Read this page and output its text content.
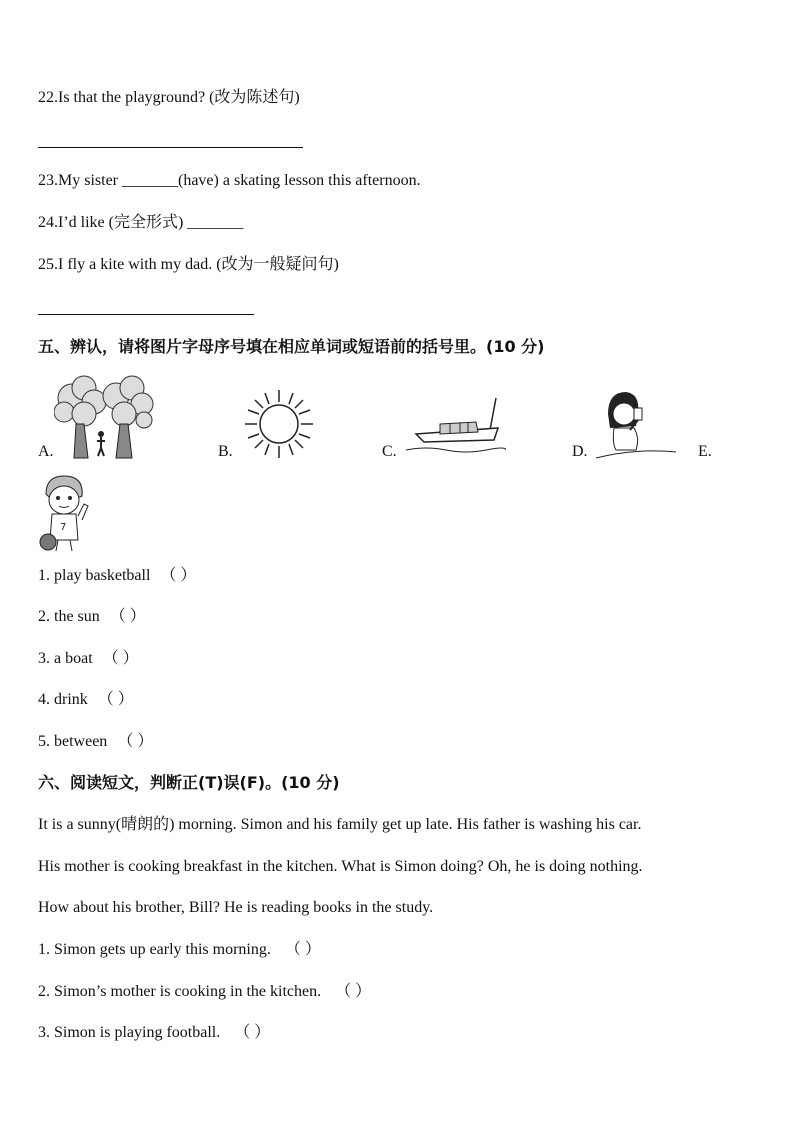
22.Is that the playground? (改为陈述句)
23.My sister _______(have) a skating lesson this afternoon.
24.I’d like (完全形式) _______
25.I fly a kite with my dad. (改为一般疑问句)
五、辨认，请将图片字母序号填在相应单词或短语前的括号里。(10 分)
A.	B.	C.	D.	E.
7
1. play basketball （ ）
2. the sun （ ）
3. a boat （ ）
4. drink （ ）
5. between （ ）
六、阅读短文，判断正(T)误(F)。(10 分)
It is a sunny(晴朗的) morning. Simon and his family get up late. His father is washing his car.
His mother is cooking breakfast in the kitchen. What is Simon doing? Oh, he is doing nothing.
How about his brother, Bill? He is reading books in the study.
1. Simon gets up early this morning. （ ）
2. Simon’s mother is cooking in the kitchen. （ ）
3. Simon is playing football. （ ）
